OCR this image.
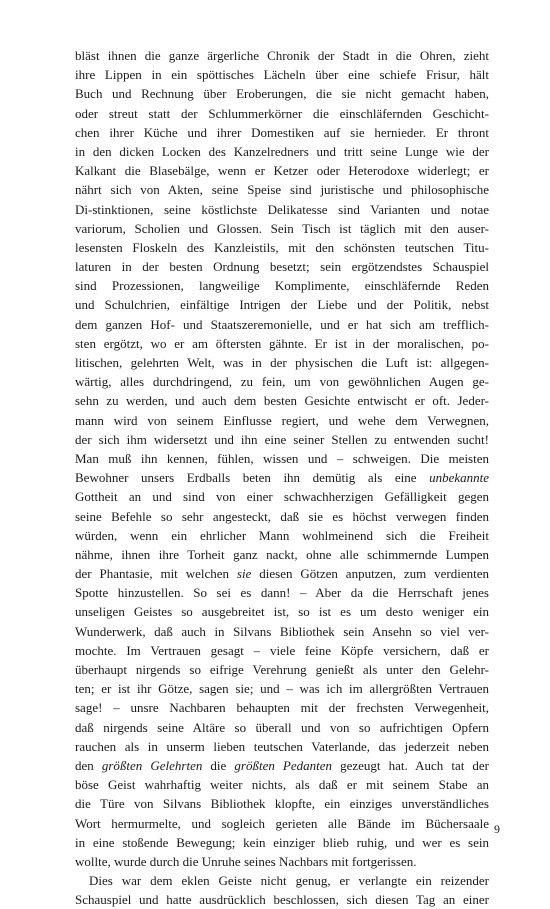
bläst ihnen die ganze ärgerliche Chronik der Stadt in die Ohren, zieht
ihre Lippen in ein spöttisches Lächeln über eine schiefe Frisur, hält
Buch und Rechnung über Eroberungen, die sie nicht gemacht haben,
oder streut statt der Schlummerkörner die einschläfernden Geschicht-
chen ihrer Küche und ihrer Domestiken auf sie hernieder. Er thront
in den dicken Locken des Kanzelredners und tritt seine Lunge wie der
Kalkant die Blasebälge, wenn er Ketzer oder Heterodoxe widerlegt; er
nährt sich von Akten, seine Speise sind juristische und philosophische
Di-stinktionen, seine köstlichste Delikatesse sind Varianten und notae
variorum, Scholien und Glossen. Sein Tisch ist täglich mit den auser-
lesensten Floskeln des Kanzleistils, mit den schönsten teutschen Titu-
laturen in der besten Ordnung besetzt; sein ergötzendstes Schauspiel
sind Prozessionen, langweilige Komplimente, einschläfernde Reden
und Schulchrien, einfältige Intrigen der Liebe und der Politik, nebst
dem ganzen Hof- und Staatszeremonielle, und er hat sich am trefflich-
sten ergötzt, wo er am öftersten gähnte. Er ist in der moralischen, po-
litischen, gelehrten Welt, was in der physischen die Luft ist: allgegen-
wärtig, alles durchdringend, zu fein, um von gewöhnlichen Augen ge-
sehn zu werden, und auch dem besten Gesichte entwischt er oft. Jeder-
mann wird von seinem Einflusse regiert, und wehe dem Verwegnen,
der sich ihm widersetzt und ihn eine seiner Stellen zu entwenden sucht!
Man muß ihn kennen, fühlen, wissen und – schweigen. Die meisten
Bewohner unsers Erdballs beten ihn demütig als eine unbekannte
Gottheit an und sind von einer schwachherzigen Gefälligkeit gegen
seine Befehle so sehr angesteckt, daß sie es höchst verwegen finden
würden, wenn ein ehrlicher Mann wohlmeinend sich die Freiheit
nähme, ihnen ihre Torheit ganz nackt, ohne alle schimmernde Lumpen
der Phantasie, mit welchen sie diesen Götzen anputzen, zum verdienten
Spotte hinzustellen. So sei es dann! – Aber da die Herrschaft jenes
unseligen Geistes so ausgebreitet ist, so ist es um desto weniger ein
Wunderwerk, daß auch in Silvans Bibliothek sein Ansehn so viel ver-
mochte. Im Vertrauen gesagt – viele feine Köpfe versichern, daß er
überhaupt nirgends so eifrige Verehrung genießt als unter den Gelehr-
ten; er ist ihr Götze, sagen sie; und – was ich im allergrößten Vertrauen
sage! – unsre Nachbaren behaupten mit der frechsten Verwegenheit,
daß nirgends seine Altäre so überall und von so aufrichtigen Opfern
rauchen als in unserm lieben teutschen Vaterlande, das jederzeit neben
den größten Gelehrten die größten Pedanten gezeugt hat. Auch tat der
böse Geist wahrhaftig weiter nichts, als daß er mit seinem Stabe an
die Türe von Silvans Bibliothek klopfte, ein einziges unverständliches
Wort hermurmelte, und sogleich gerieten alle Bände im Büchersaale
in eine stoßende Bewegung; kein einziger blieb ruhig, und wer es sein
wollte, wurde durch die Unruhe seines Nachbars mit fortgerissen.
Dies war dem eklen Geiste nicht genug, er verlangte ein reizender
Schauspiel und hatte ausdrücklich beschlossen, sich diesen Tag an einer
9
